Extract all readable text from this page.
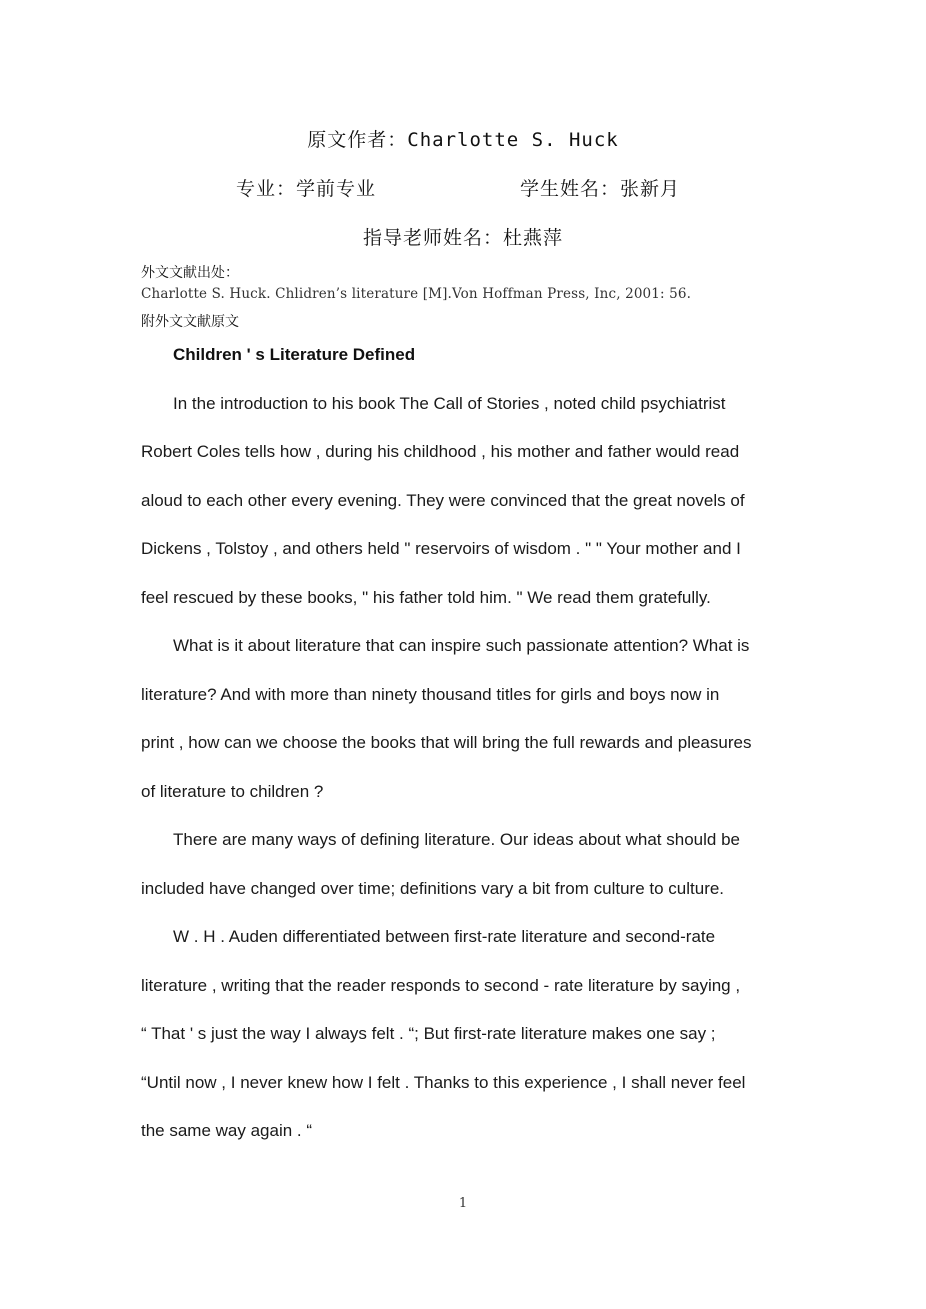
原文作者：Charlotte S. Huck
专业：学前专业	学生姓名：张新月
指导老师姓名：杜燕萍
外文文献出处：
Charlotte S. Huck. Chlidren’s literature [M].Von Hoffman Press, Inc, 2001: 56.
附外文文献原文
Children ' s Literature Defined
In the introduction to his book The Call of Stories , noted child psychiatrist
Robert Coles tells how , during his childhood , his mother and father would read
aloud to each other every evening. They were convinced that the great novels of
Dickens , Tolstoy , and others held " reservoirs of wisdom . " " Your mother and I
feel rescued by these books, " his father told him. " We read them gratefully.
What is it about literature that can inspire such passionate attention? What is
literature? And with more than ninety thousand titles for girls and boys now in
print , how can we choose the books that will bring the full rewards and pleasures
of literature to children ?
There are many ways of defining literature. Our ideas about what should be
included have changed over time; definitions vary a bit from culture to culture.
W . H . Auden differentiated between first-rate literature and second-rate
literature , writing that the reader responds to second - rate literature by saying ,
“ That ' s just the way I always felt . “; But first-rate literature makes one say ;
“Until now , I never knew how I felt . Thanks to this experience , I shall never feel
the same way again . “
1
